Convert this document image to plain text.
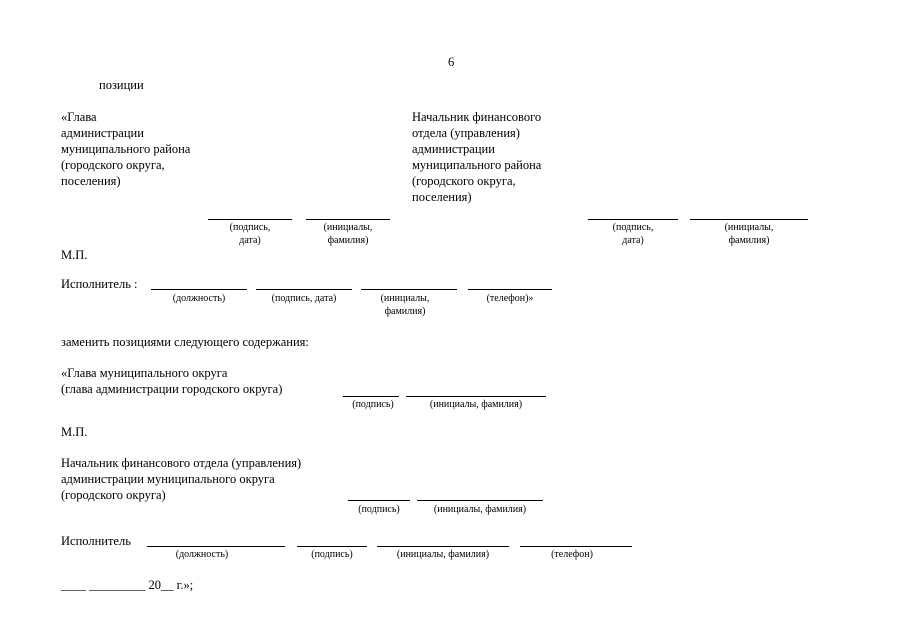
6
позиции
«Глава
администрации
муниципального района
(городского округа,
поселения)
Начальник финансового
отдела (управления)
администрации
муниципального района
(городского округа,
поселения)
(подпись,
дата)
(инициалы,
фамилия)
(подпись,
дата)
(инициалы,
фамилия)
М.П.
Исполнитель :
(должность)	(подпись, дата)	(инициалы,
фамилия)
(телефон)»
заменить позициями следующего содержания:
«Глава муниципального округа
(глава администрации городского округа)
(подпись)	(инициалы, фамилия)
М.П.
Начальник финансового отдела (управления)
администрации муниципального округа
(городского округа)
(подпись)	(инициалы, фамилия)
Исполнитель
(должность)	(подпись)	(инициалы, фамилия)	(телефон)
____ _________ 20__ г.»;
